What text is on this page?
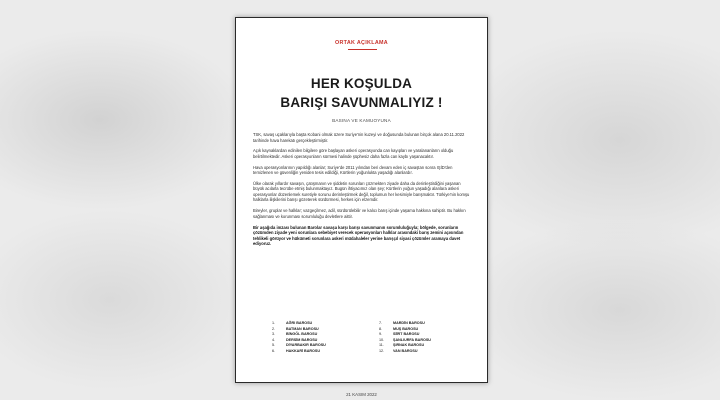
ORTAK AÇIKLAMA
HER KOŞULDA
BARIŞI SAVUNMALIYIZ !
BASINA VE KAMUOYUNA

TSK, savaş uçaklarıyla başta Kobani olmak üzere Suriye'nin kuzeyi ve doğusunda bulunan birçok alana 20.11.2022 tarihinde hava harekatı gerçekleştirmiştir.

Açık kaynaklardan edinilen bilgilere göre başlayan askeri operasyonda can kayıpları ve yaralananların olduğu belirtilmektedir. Askeri operasyonların sürmesi halinde şüphesiz daha fazla can kaybı yaşanacaktır.

Hava operasyonlarının yapıldığı alanlar; Suriye'de 2011 yılından beri devam eden iç savaştan sonra IŞİD'den temizlenen ve güvenliğin yeniden tesis edildiği, Kürtlerin yoğunlukta yaşadığı alanlardır.

Ülke olarak yıllardır savaşın, çatışmanın ve şiddetin sorunları çözmekten ziyade daha da derinleştirdiğini yaşanan büyük acılarla tecrübe etmiş bulunmaktayız. Bugün ihtiyacımız olan şey; Kürtlerin yoğun yaşadığı alanlara askeri operasyonlar düzenlemek suretiyle sorunu derinleştirmek değil, toplumun her kesimiyle barışmaktır. Türkiye'nin komşu halklarla ilişkilerini barışı gözeterek sürdürmesi, herkes için elzemdir.

Bireyler, gruplar ve halklar; vazgeçilmez, adil, sürdürülebilir ve kalıcı barış içinde yaşama hakkına sahiptir. Bu hakkın sağlanması ve korunması sorumluluğu devletlere aittir.

Bir aşağıda imzası bulunan Barolar savaşa karşı barışı savunmanın sorumluluğuyla; bölgede, sorunların çözümden ziyade yeni sorunlara sebebiyet verecek operasyonları halklar arasındaki barış zemini açısından tehlikeli görüyor ve hükümeti sorunlara askeri müdahaleler yerine barışçıl siyasi çözümler aramaya davet ediyoruz.

1.	AĞRI BAROSU
2.	BATMAN BAROSU
3.	BİNGÖL BAROSU
4.	DERSİM BAROSU
5.	DİYARBAKIR BAROSU
6.	HAKKARİ BAROSU
7.	MARDİN BAROSU
8.	MUŞ BAROSU
9.	SİİRT BAROSU
10. ŞANLIURFA BAROSU
11. ŞIRNAK BAROSU
12. VAN BAROSU
21 KASIM 2022
